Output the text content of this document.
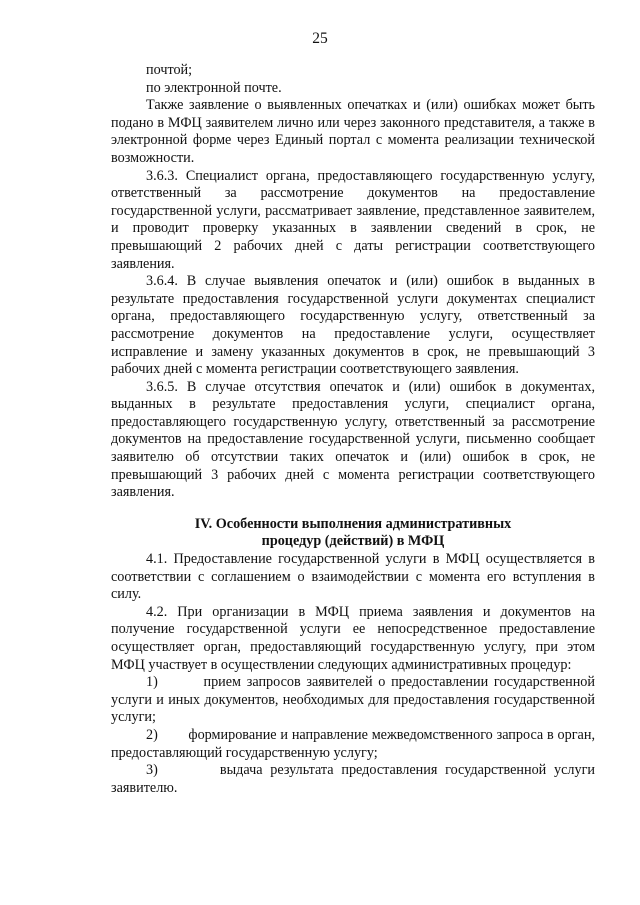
25

почтой;

по электронной почте.

Также заявление о выявленных опечатках и (или) ошибках может быть подано в МФЦ заявителем лично или через законного представителя, а также в электронной форме через Единый портал с момента реализации технической возможности.

3.6.3. Специалист органа, предоставляющего государственную услугу, ответственный за рассмотрение документов на предоставление государственной услуги, рассматривает заявление, представленное заявителем, и проводит проверку указанных в заявлении сведений в срок, не превышающий 2 рабочих дней с даты регистрации соответствующего заявления.

3.6.4. В случае выявления опечаток и (или) ошибок в выданных в результате предоставления государственной услуги документах специалист органа, предоставляющего государственную услугу, ответственный за рассмотрение документов на предоставление услуги, осуществляет исправление и замену указанных документов в срок, не превышающий 3 рабочих дней с момента регистрации соответствующего заявления.

3.6.5. В случае отсутствия опечаток и (или) ошибок в документах, выданных в результате предоставления услуги, специалист органа, предоставляющего государственную услугу, ответственный за рассмотрение документов на предоставление государственной услуги, письменно сообщает заявителю об отсутствии таких опечаток и (или) ошибок в срок, не превышающий 3 рабочих дней с момента регистрации соответствующего заявления.

IV. Особенности выполнения административных
процедур (действий) в МФЦ

4.1. Предоставление государственной услуги в МФЦ осуществляется в соответствии с соглашением о взаимодействии с момента его вступления в силу.

4.2. При организации в МФЦ приема заявления и документов на получение государственной услуги ее непосредственное предоставление осуществляет орган, предоставляющий государственную услугу, при этом МФЦ участвует в осуществлении следующих административных процедур:

1)        прием запросов заявителей о предоставлении государственной услуги и иных документов, необходимых для предоставления государственной услуги;

2)        формирование и направление межведомственного запроса в орган, предоставляющий государственную услугу;

3)        выдача результата предоставления государственной услуги заявителю.
